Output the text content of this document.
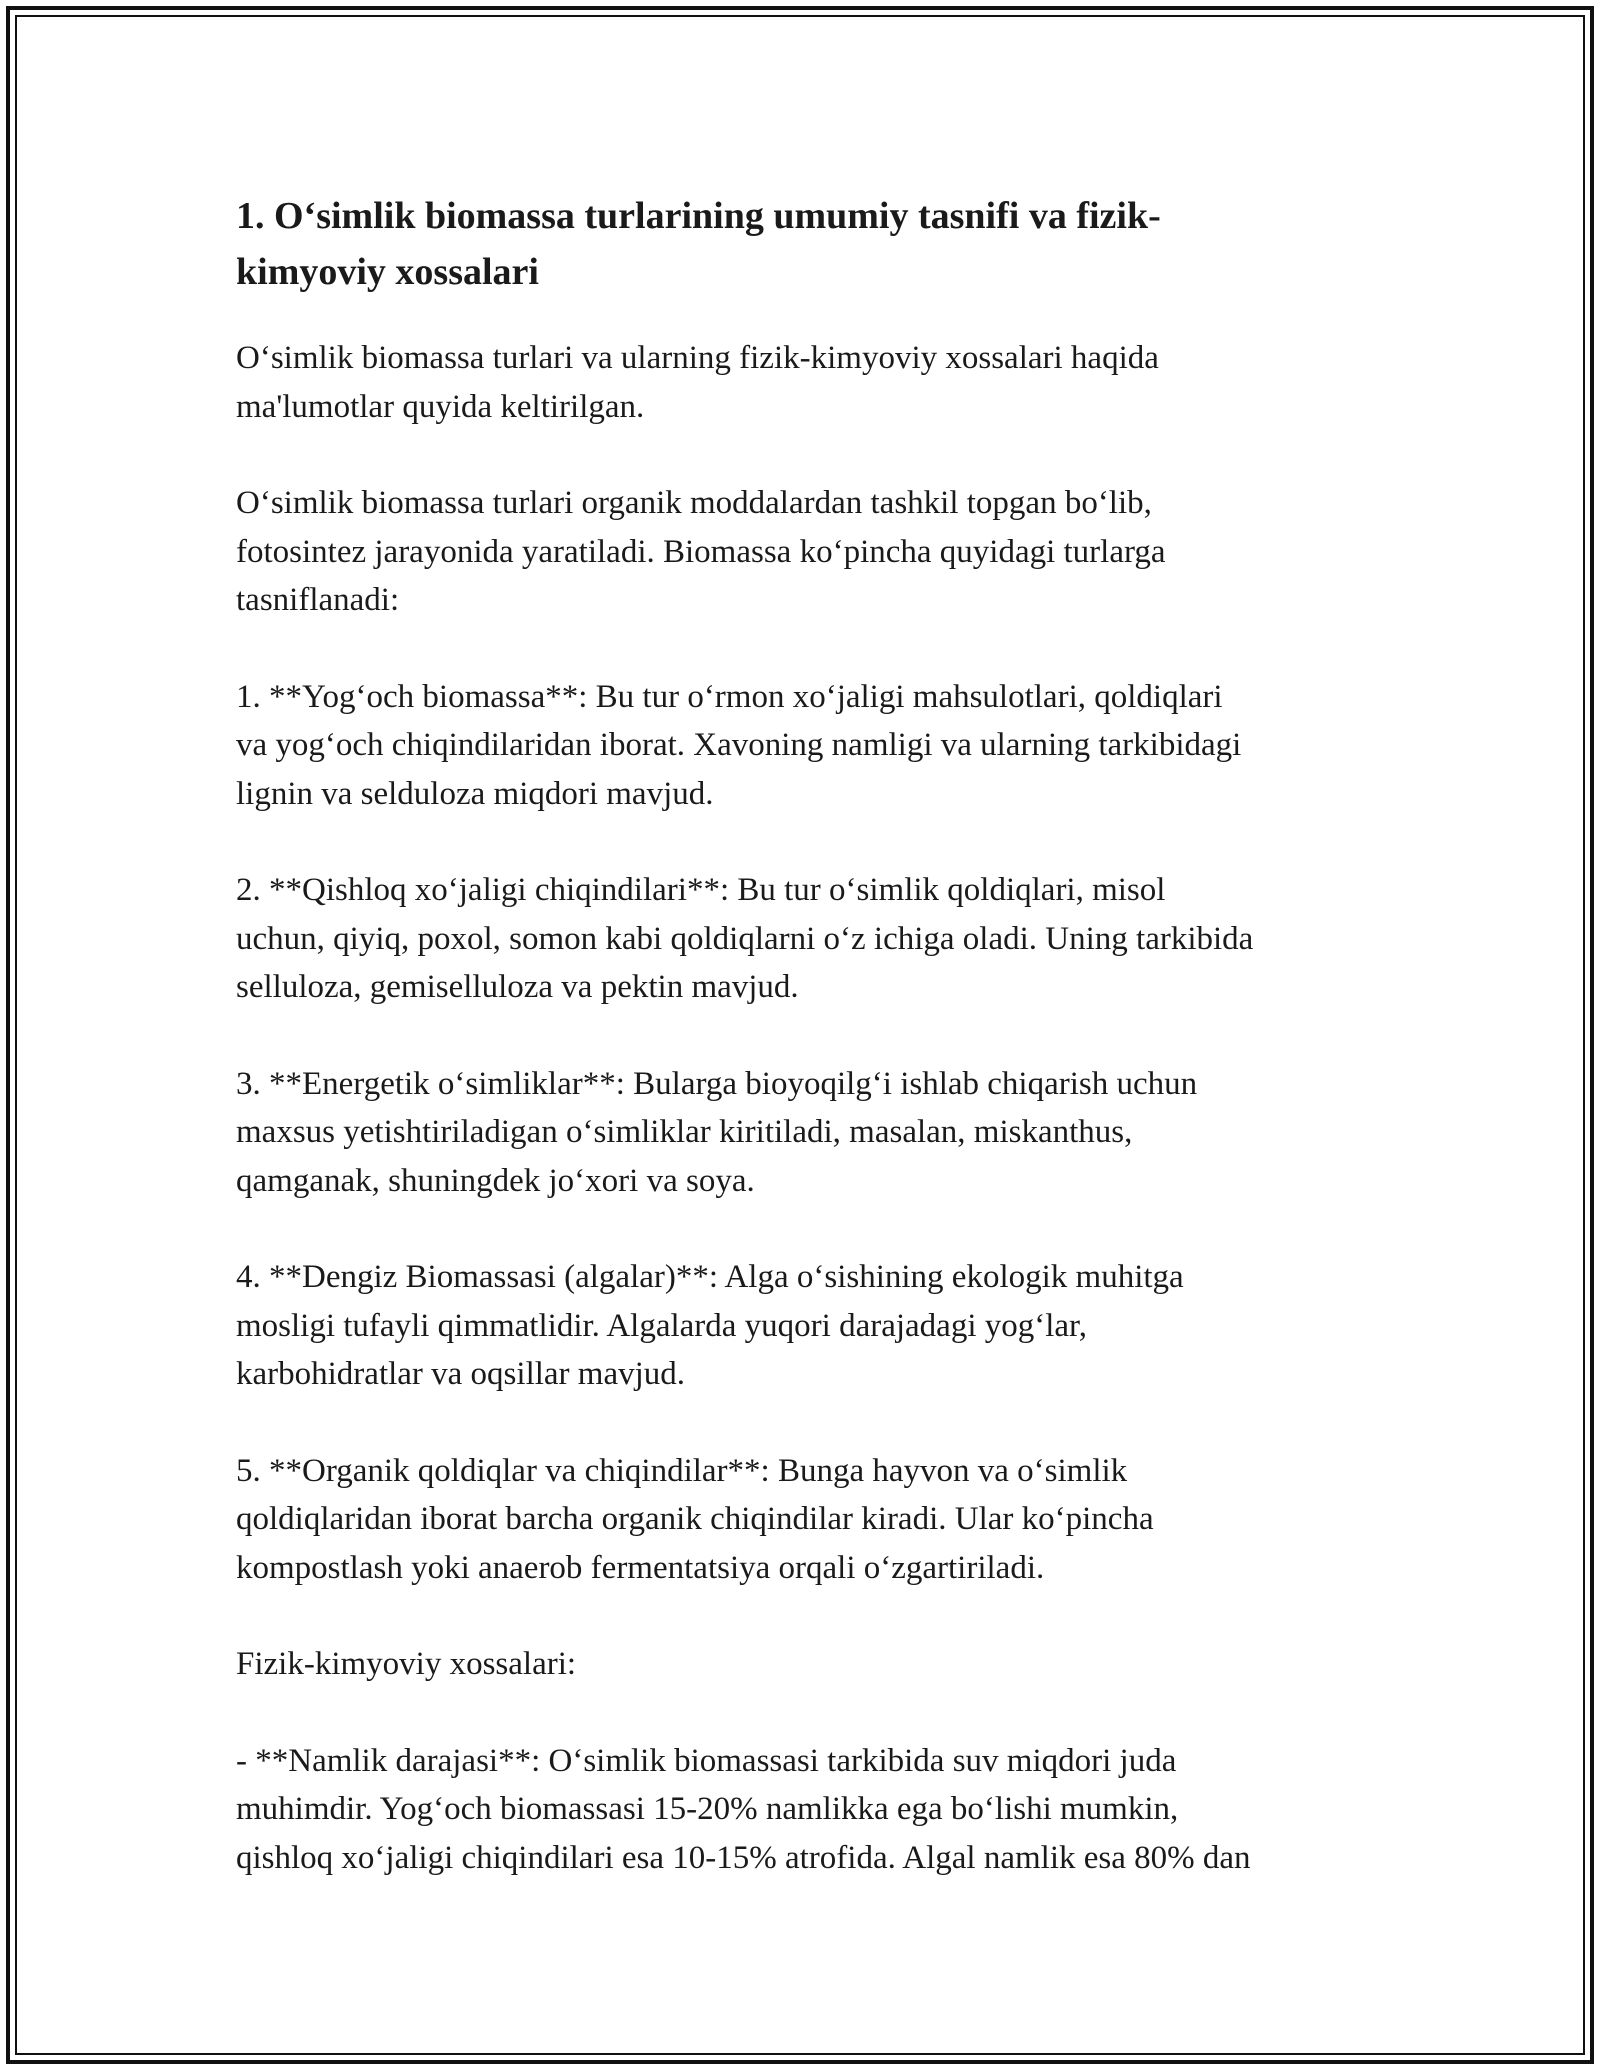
1. O‘simlik biomassa turlarining umumiy tasnifi va fizik-kimyoviy xossalari

O‘simlik biomassa turlari va ularning fizik-kimyoviy xossalari haqida
ma'lumotlar quyida keltirilgan.

O‘simlik biomassa turlari organik moddalardan tashkil topgan bo‘lib,
fotosintez jarayonida yaratiladi. Biomassa ko‘pincha quyidagi turlarga
tasniflanadi:

1. **Yog‘och biomassa**: Bu tur o‘rmon xo‘jaligi mahsulotlari, qoldiqlari
va yog‘och chiqindilaridan iborat. Xavoning namligi va ularning tarkibidagi
lignin va selduloza miqdori mavjud.

2. **Qishloq xo‘jaligi chiqindilari**: Bu tur o‘simlik qoldiqlari, misol
uchun, qiyiq, poxol, somon kabi qoldiqlarni o‘z ichiga oladi. Uning tarkibida
selluloza, gemiselluloza va pektin mavjud.

3. **Energetik o‘simliklar**: Bularga bioyoqilg‘i ishlab chiqarish uchun
maxsus yetishtiriladigan o‘simliklar kiritiladi, masalan, miskanthus,
qamganak, shuningdek jo‘xori va soya.

4. **Dengiz Biomassasi (algalar)**: Alga o‘sishining ekologik muhitga
mosligi tufayli qimmatlidir. Algalarda yuqori darajadagi yog‘lar,
karbohidratlar va oqsillar mavjud.

5. **Organik qoldiqlar va chiqindilar**: Bunga hayvon va o‘simlik
qoldiqlaridan iborat barcha organik chiqindilar kiradi. Ular ko‘pincha
kompostlash yoki anaerob fermentatsiya orqali o‘zgartiriladi.

Fizik-kimyoviy xossalari:

- **Namlik darajasi**: O‘simlik biomassasi tarkibida suv miqdori juda
muhimdir. Yog‘och biomassasi 15-20% namlikka ega bo‘lishi mumkin,
qishloq xo‘jaligi chiqindilari esa 10-15% atrofida. Algal namlik esa 80% dan
